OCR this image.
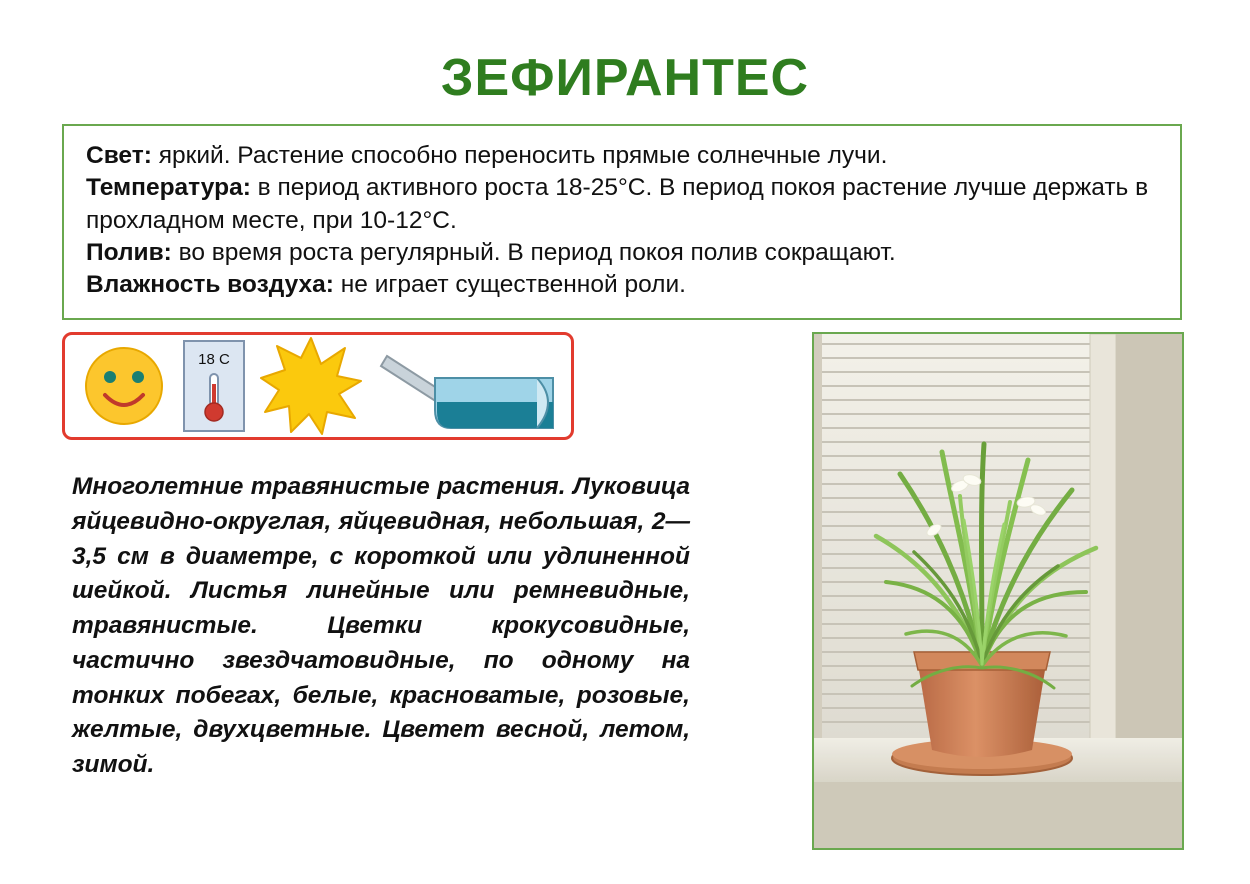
ЗЕФИРАНТЕС
Свет: яркий. Растение способно переносить прямые солнечные лучи.
Температура: в период активного роста 18-25°C. В период покоя растение лучше держать в прохладном месте, при 10-12°C.
Полив: во время роста регулярный. В период покоя полив сокращают.
Влажность воздуха: не играет существенной роли.
18 C
Многолетние травянистые растения. Луковица яйцевидно-округлая, яйцевидная, небольшая, 2—3,5 см в диаметре, с короткой или удлиненной шейкой. Листья линейные или ремневидные, травянистые. Цветки крокусовидные, частично звездчатовидные, по одному на тонких побегах, белые, красноватые, розовые, желтые, двухцветные. Цветет весной, летом, зимой.
